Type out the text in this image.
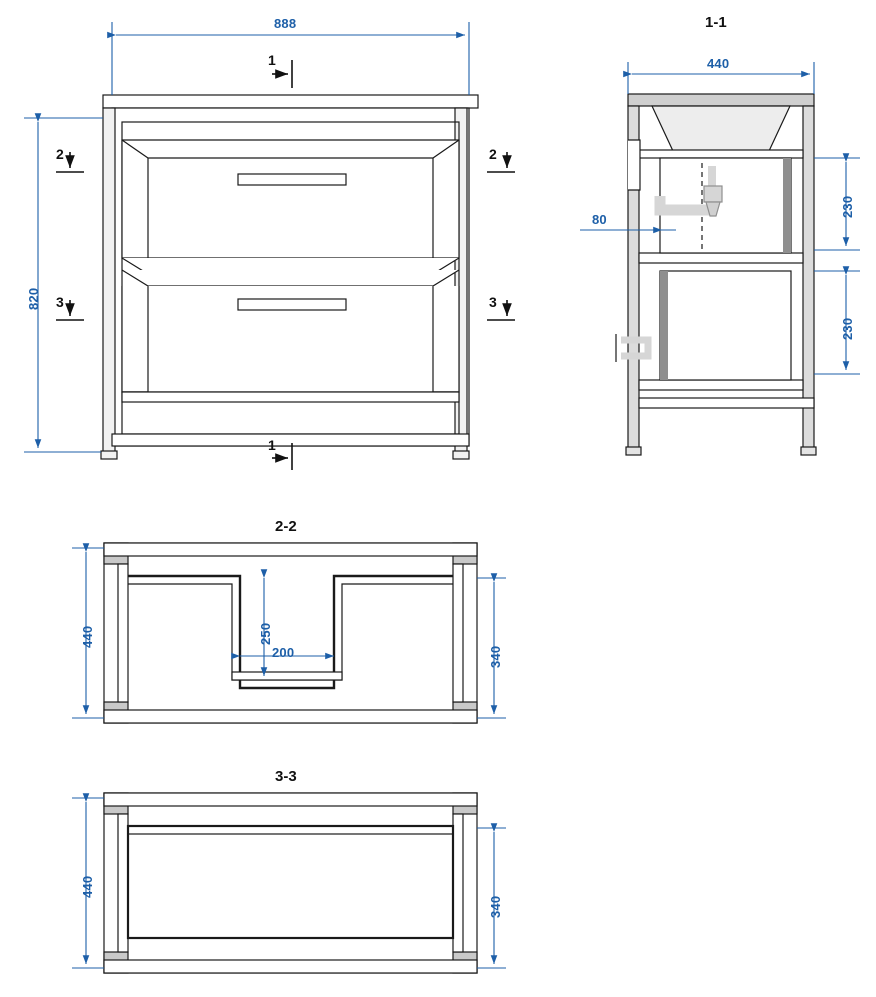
888
820
1-1
440
230
230
80
2-2
440
340
250
200
3-3
440
340
1
1
2	2
3	3
